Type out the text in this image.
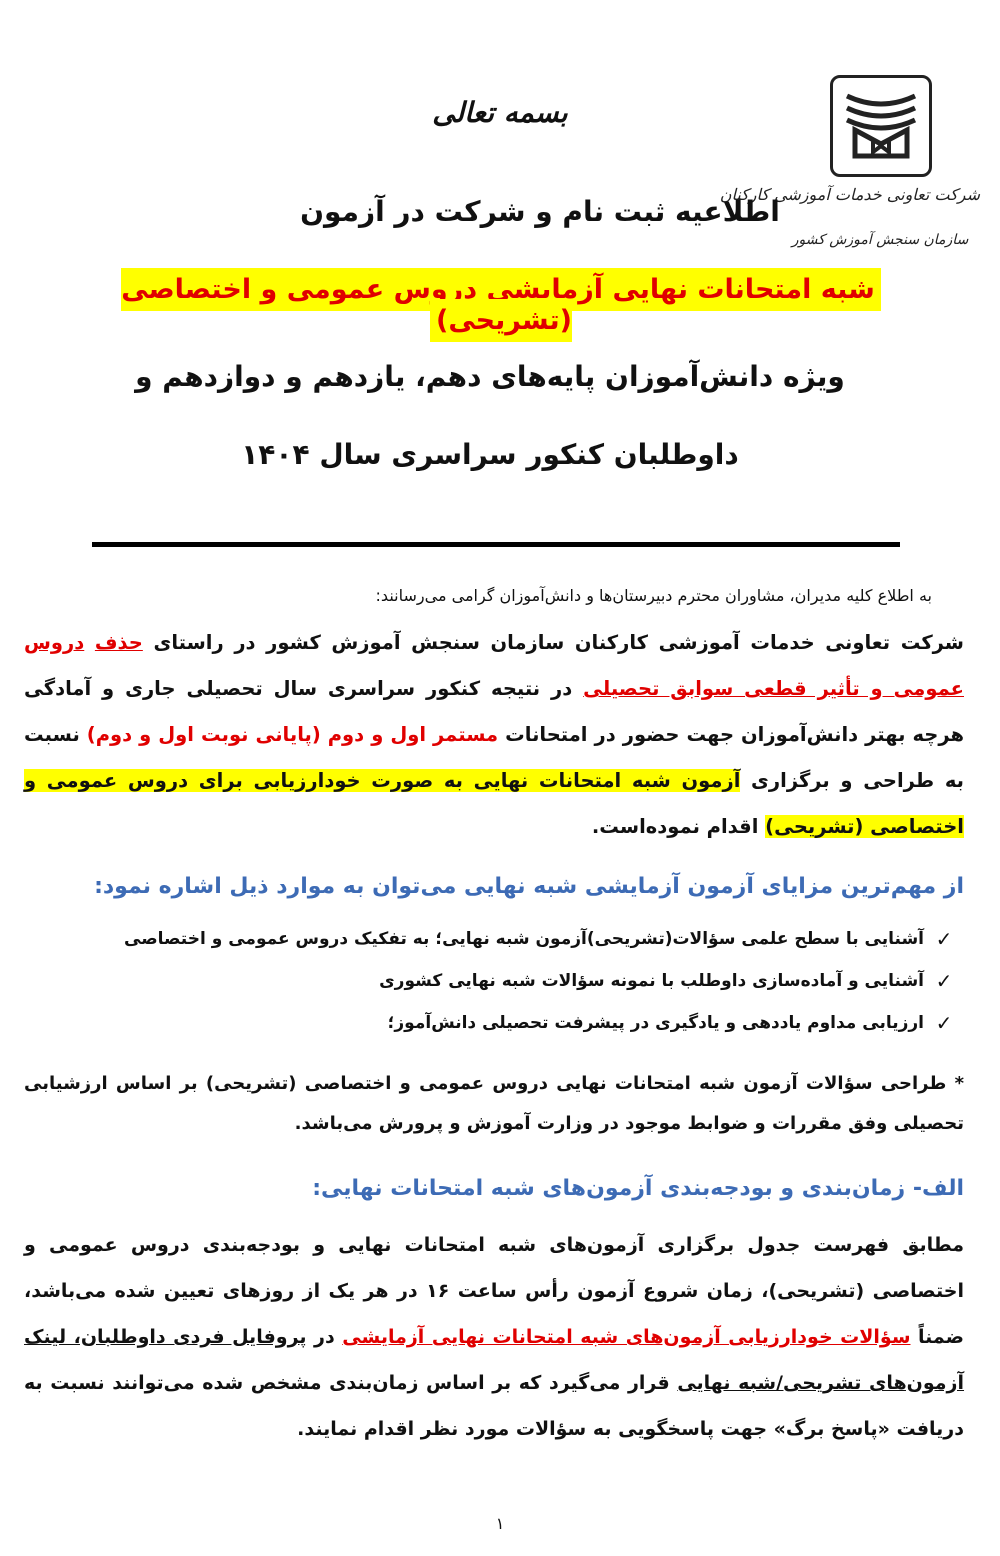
شرکت تعاونی خدمات آموزشی کارکنان
سازمان سنجش آموزش کشور
بسمه تعالی
اطلاعیه ثبت نام و شرکت در آزمون
شبه امتحانات نهایی آزمایشی دروس عمومی و اختصاصی (تشریحی)
ویژه دانش‌آموزان پایه‌های دهم، یازدهم و دوازدهم و
داوطلبان کنکور سراسری سال ۱۴۰۴
به اطلاع کلیه مدیران، مشاوران محترم دبیرستان‌ها و دانش‌آموزان گرامی می‌رسانند:
شرکت تعاونی خدمات آموزشی کارکنان سازمان سنجش آموزش کشور در راستای حذف دروس عمومی و تأثیر قطعی سوابق تحصیلی در نتیجه کنکور سراسری سال تحصیلی جاری و آمادگی هرچه بهتر دانش‌آموزان جهت حضور در امتحانات مستمر اول و دوم (پایانی نوبت اول و دوم) نسبت به طراحی و برگزاری آزمون شبه امتحانات نهایی به صورت خودارزیابی برای دروس عمومی و اختصاصی (تشریحی) اقدام نموده‌است.
از مهم‌ترین مزایای آزمون آزمایشی شبه نهایی می‌توان به موارد ذیل اشاره نمود:
✓
آشنایی با سطح علمی سؤالات(تشریحی)آزمون شبه نهایی؛ به تفکیک دروس عمومی و اختصاصی
✓
آشنایی و آماده‌سازی داوطلب با نمونه سؤالات شبه نهایی کشوری
✓
ارزیابی مداوم یاددهی و یادگیری در پیشرفت تحصیلی دانش‌آموز؛
* طراحی سؤالات آزمون شبه امتحانات نهایی دروس عمومی و اختصاصی (تشریحی) بر اساس ارزشیابی تحصیلی وفق مقررات و ضوابط موجود در وزارت آموزش و پرورش می‌باشد.
الف- زمان‌بندی و بودجه‌بندی آزمون‌های شبه امتحانات نهایی:
مطابق فهرست جدول برگزاری آزمون‌های شبه امتحانات نهایی و بودجه‌بندی دروس عمومی و اختصاصی (تشریحی)، زمان شروع آزمون رأس ساعت ۱۶ در هر یک از روزهای تعیین شده می‌باشد، ضمناً سؤالات خودارزیابی آزمون‌های شبه امتحانات نهایی آزمایشی در پروفایل فردی داوطلبان، لینک آزمون‌های تشریحی/شبه نهایی قرار می‌گیرد که بر اساس زمان‌بندی مشخص شده می‌توانند نسبت به دریافت «پاسخ برگ» جهت پاسخگویی به سؤالات مورد نظر اقدام نمایند.
۱
